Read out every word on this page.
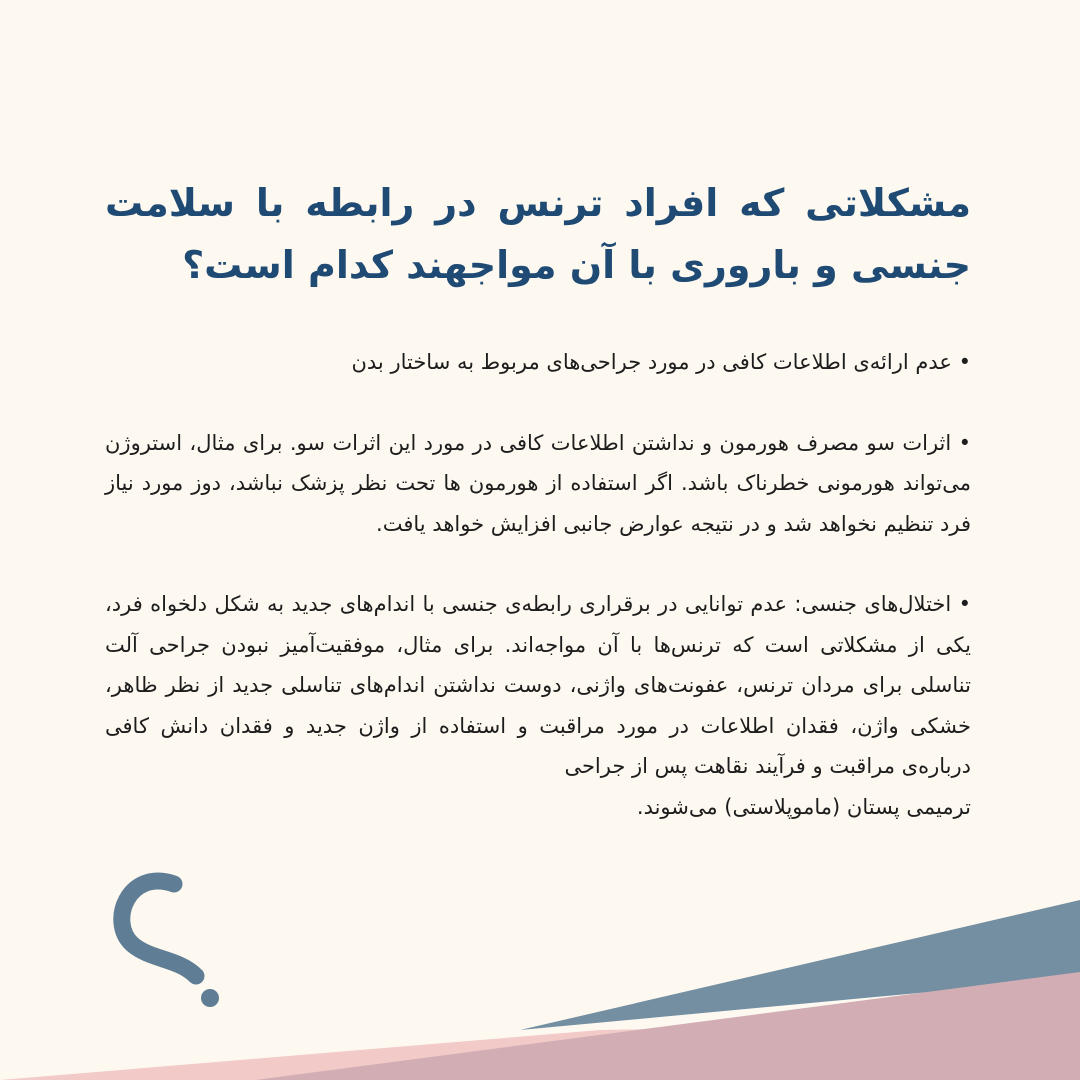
مشکلاتی که افراد ترنس در رابطه با سلامت جنسی و باروری با آن مواجهند کدام است؟

• عدم ارائه‌ی اطلاعات کافی در مورد جراحی‌های مربوط به ساختار بدن

• اثرات سو مصرف هورمون و نداشتن اطلاعات کافی در مورد این اثرات سو. برای مثال، استروژن می‌تواند هورمونی خطرناک باشد. اگر استفاده از هورمون ها تحت نظر پزشک نباشد، دوز مورد نیاز فرد تنظیم نخواهد شد و در نتیجه عوارض جانبی افزایش خواهد یافت.

• اختلال‌های جنسی: عدم توانایی در برقراری رابطه‌ی جنسی با اندام‌های جدید به شکل دلخواه فرد، یکی از مشکلاتی است که ترنس‌ها با آن مواجه‌اند. برای مثال، موفقیت‌آمیز نبودن جراحی آلت تناسلی برای مردان ترنس، عفونت‌های واژنی، دوست نداشتن اندام‌های تناسلی جدید از نظر ظاهر، خشکی واژن، فقدان اطلاعات در مورد مراقبت و استفاده از واژن جدید و فقدان دانش کافی درباره‌ی مراقبت و فرآیند نقاهت پس از جراحی
ترمیمی پستان (ماموپلاستی) می‌شوند.
